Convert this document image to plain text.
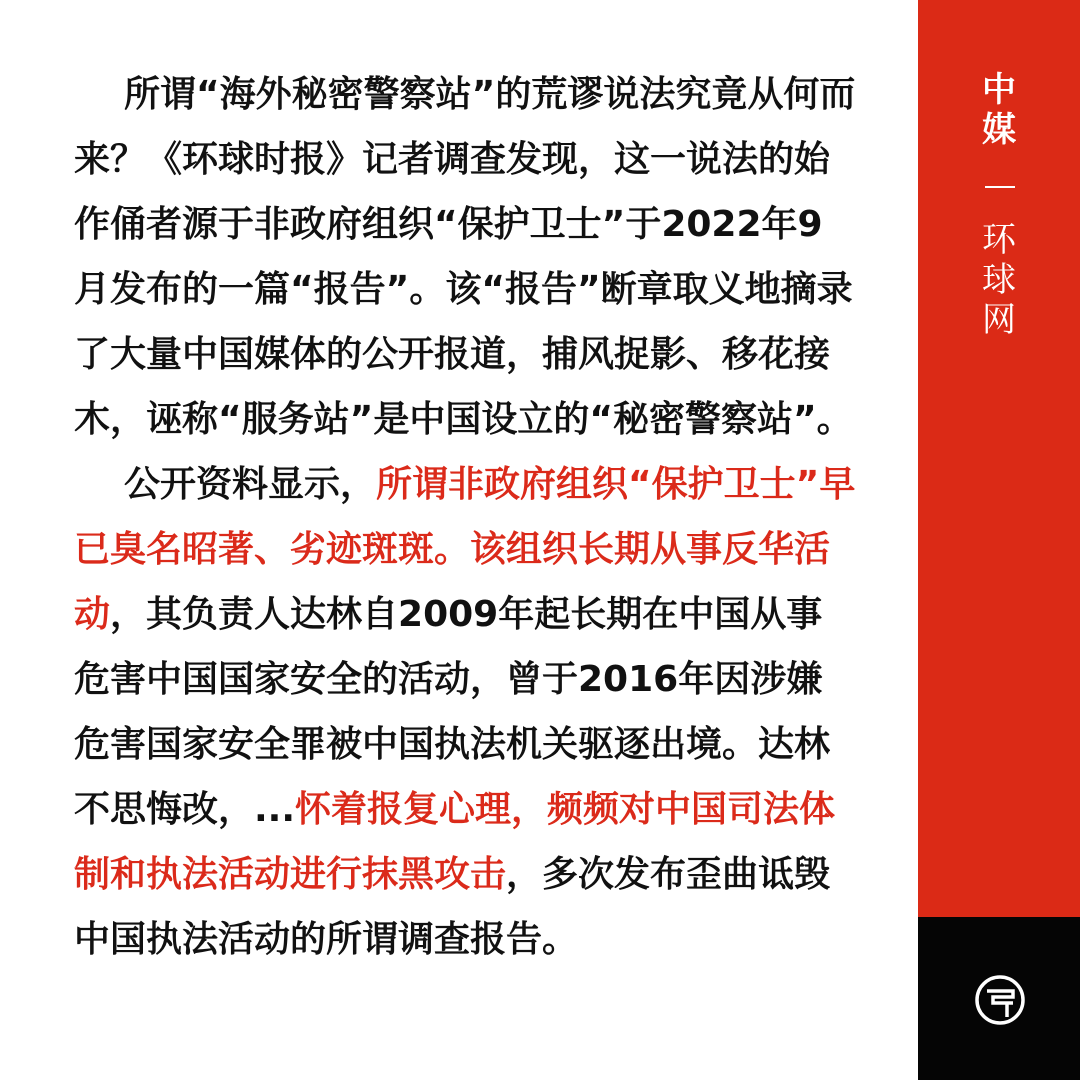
所谓“海外秘密警察站”的荒谬说法究竟从何而来？《环球时报》记者调查发现，这一说法的始作俑者源于非政府组织“保护卫士”于2022年9月发布的一篇“报告”。该“报告”断章取义地摘录了大量中国媒体的公开报道，捕风捉影、移花接木，诬称“服务站”是中国设立的“秘密警察站”。

公开资料显示，所谓非政府组织“保护卫士”早已臭名昭著、劣迹斑斑。该组织长期从事反华活动，其负责人达林自2009年起长期在中国从事危害中国国家安全的活动，曾于2016年因涉嫌危害国家安全罪被中国执法机关驱逐出境。达林不思悔改，...怀着报复心理，频频对中国司法体制和执法活动进行抹黑攻击，多次发布歪曲诋毁中国执法活动的所谓调查报告。

中
媒
环
球
网
